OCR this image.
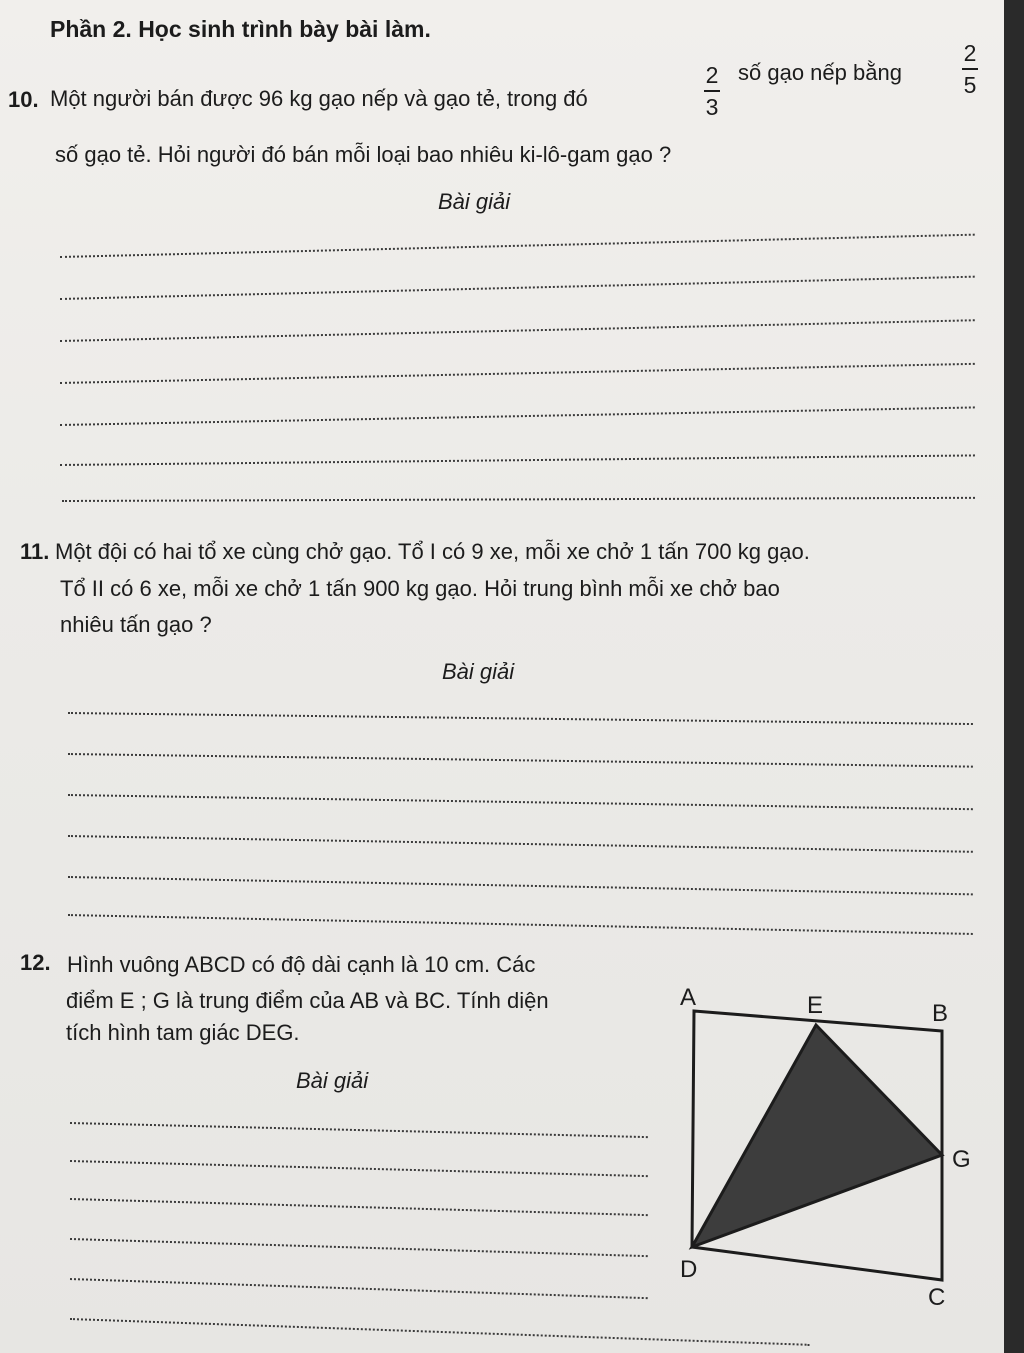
Phần 2. Học sinh trình bày bài làm.
10. Một người bán được 96 kg gạo nếp và gạo tẻ, trong đó
2
3
số gạo nếp bằng
2
5
số gạo tẻ. Hỏi người đó bán mỗi loại bao nhiêu ki-lô-gam gạo ?
Bài giải
11. Một đội có hai tổ xe cùng chở gạo. Tổ I có 9 xe, mỗi xe chở 1 tấn 700 kg gạo.
Tổ II có 6 xe, mỗi xe chở 1 tấn 900 kg gạo. Hỏi trung bình mỗi xe chở bao
nhiêu tấn gạo ?
Bài giải
12. Hình vuông ABCD có độ dài cạnh là 10 cm. Các
điểm E ; G là trung điểm của AB và BC. Tính diện
tích hình tam giác DEG.
Bài giải
A	E	B
G
D
C
